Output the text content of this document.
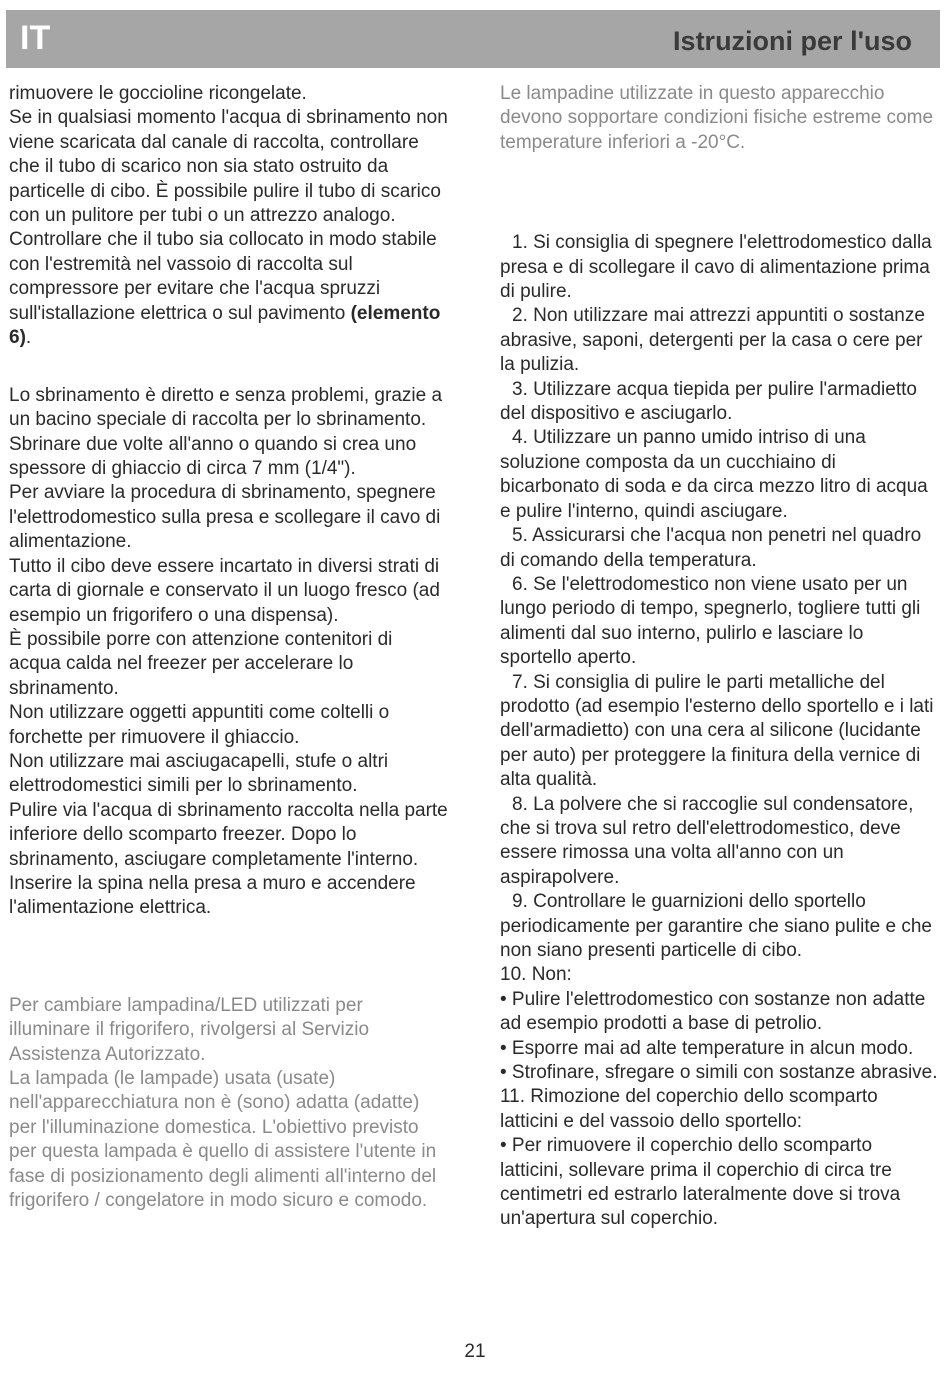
IT	Istruzioni per l'uso

rimuovere le goccioline ricongelate.

Se in qualsiasi momento l'acqua di sbrinamento non viene scaricata dal canale di raccolta, controllare che il tubo di scarico non sia stato ostruito da particelle di cibo. È possibile pulire il tubo di scarico con un pulitore per tubi o un attrezzo analogo.

Controllare che il tubo sia collocato in modo stabile con l'estremità nel vassoio di raccolta sul compressore per evitare che l'acqua spruzzi sull'istallazione elettrica o sul pavimento (elemento 6).

Lo sbrinamento è diretto e senza problemi, grazie a un bacino speciale di raccolta per lo sbrinamento.

Sbrinare due volte all'anno o quando si crea uno spessore di ghiaccio di circa 7 mm (1/4").

Per avviare la procedura di sbrinamento, spegnere l'elettrodomestico sulla presa e scollegare il cavo di alimentazione.

Tutto il cibo deve essere incartato in diversi strati di carta di giornale e conservato il un luogo fresco (ad esempio un frigorifero o una dispensa).

È possibile porre con attenzione contenitori di acqua calda nel freezer per accelerare lo sbrinamento.

Non utilizzare oggetti appuntiti come coltelli o forchette per rimuovere il ghiaccio.

Non utilizzare mai asciugacapelli, stufe o altri elettrodomestici simili per lo sbrinamento.

Pulire via l'acqua di sbrinamento raccolta nella parte inferiore dello scomparto freezer. Dopo lo sbrinamento, asciugare completamente l'interno. Inserire la spina nella presa a muro e accendere l'alimentazione elettrica.

Per cambiare lampadina/LED utilizzati per illuminare il frigorifero, rivolgersi al Servizio Assistenza Autorizzato.

La lampada (le lampade) usata (usate) nell'apparecchiatura non è (sono) adatta (adatte) per l'illuminazione domestica. L'obiettivo previsto per questa lampada è quello di assistere l'utente in fase di posizionamento degli alimenti all'interno del frigorifero / congelatore in modo sicuro e comodo.

Le lampadine utilizzate in questo apparecchio devono sopportare condizioni fisiche estreme come temperature inferiori a -20°C.

1. Si consiglia di spegnere l'elettrodomestico dalla presa e di scollegare il cavo di alimentazione prima di pulire.

2. Non utilizzare mai attrezzi appuntiti o sostanze abrasive, saponi, detergenti per la casa o cere per la pulizia.

3. Utilizzare acqua tiepida per pulire l'armadietto del dispositivo e asciugarlo.

4. Utilizzare un panno umido intriso di una soluzione composta da un cucchiaino di bicarbonato di soda e da circa mezzo litro di acqua e pulire l'interno, quindi asciugare.

5. Assicurarsi che l'acqua non penetri nel quadro di comando della temperatura.

6. Se l'elettrodomestico non viene usato per un lungo periodo di tempo, spegnerlo, togliere tutti gli alimenti dal suo interno, pulirlo e lasciare lo sportello aperto.

7. Si consiglia di pulire le parti metalliche del prodotto (ad esempio l'esterno dello sportello e i lati dell'armadietto) con una cera al silicone (lucidante per auto) per proteggere la finitura della vernice di alta qualità.

8. La polvere che si raccoglie sul condensatore, che si trova sul retro dell'elettrodomestico, deve essere rimossa una volta all'anno con un aspirapolvere.

9. Controllare le guarnizioni dello sportello periodicamente per garantire che siano pulite e che non siano presenti particelle di cibo.

10. Non:

• Pulire l'elettrodomestico con sostanze non adatte ad esempio prodotti a base di petrolio.

• Esporre mai ad alte temperature in alcun modo.

• Strofinare, sfregare o simili con sostanze abrasive.

11. Rimozione del coperchio dello scomparto latticini e del vassoio dello sportello:

• Per rimuovere il coperchio dello scomparto latticini, sollevare prima il coperchio di circa tre centimetri ed estrarlo lateralmente dove si trova un'apertura sul coperchio.

21
